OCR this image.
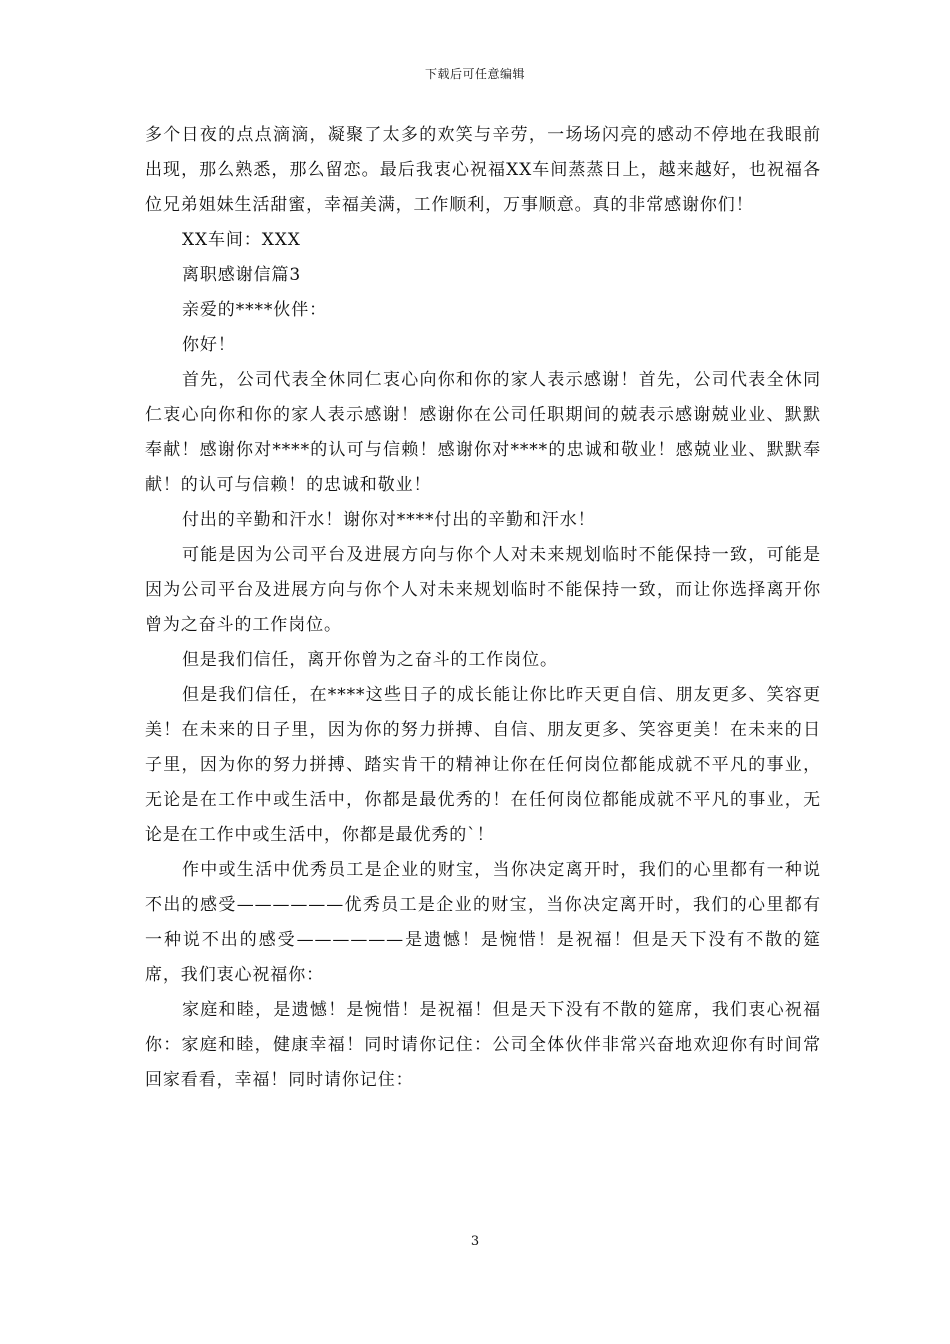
下载后可任意编辑

多个日夜的点点滴滴，凝聚了太多的欢笑与辛劳，一场场闪亮的感动不停地在我眼前出现，那么熟悉，那么留恋。最后我衷心祝福XX车间蒸蒸日上，越来越好，也祝福各位兄弟姐妹生活甜蜜，幸福美满，工作顺利，万事顺意。真的非常感谢你们！

XX车间：XXX

离职感谢信篇3

亲爱的****伙伴：

你好！

首先，公司代表全休同仁衷心向你和你的家人表示感谢！首先，公司代表全休同仁衷心向你和你的家人表示感谢！感谢你在公司任职期间的兢表示感谢兢业业、默默奉献！感谢你对****的认可与信赖！感谢你对****的忠诚和敬业！感兢业业、默默奉献！的认可与信赖！的忠诚和敬业！

付出的辛勤和汗水！谢你对****付出的辛勤和汗水！

可能是因为公司平台及进展方向与你个人对未来规划临时不能保持一致，可能是因为公司平台及进展方向与你个人对未来规划临时不能保持一致，而让你选择离开你曾为之奋斗的工作岗位。

但是我们信任，离开你曾为之奋斗的工作岗位。

但是我们信任，在****这些日子的成长能让你比昨天更自信、朋友更多、笑容更美！在未来的日子里，因为你的努力拼搏、自信、朋友更多、笑容更美！在未来的日子里，因为你的努力拼搏、踏实肯干的精神让你在任何岗位都能成就不平凡的事业，无论是在工作中或生活中，你都是最优秀的！在任何岗位都能成就不平凡的事业，无论是在工作中或生活中，你都是最优秀的`！

作中或生活中优秀员工是企业的财宝，当你决定离开时，我们的心里都有一种说不出的感受——————优秀员工是企业的财宝，当你决定离开时，我们的心里都有一种说不出的感受——————是遗憾！是惋惜！是祝福！但是天下没有不散的筵席，我们衷心祝福你：

家庭和睦，是遗憾！是惋惜！是祝福！但是天下没有不散的筵席，我们衷心祝福你：家庭和睦，健康幸福！同时请你记住：公司全体伙伴非常兴奋地欢迎你有时间常回家看看，幸福！同时请你记住：

3
